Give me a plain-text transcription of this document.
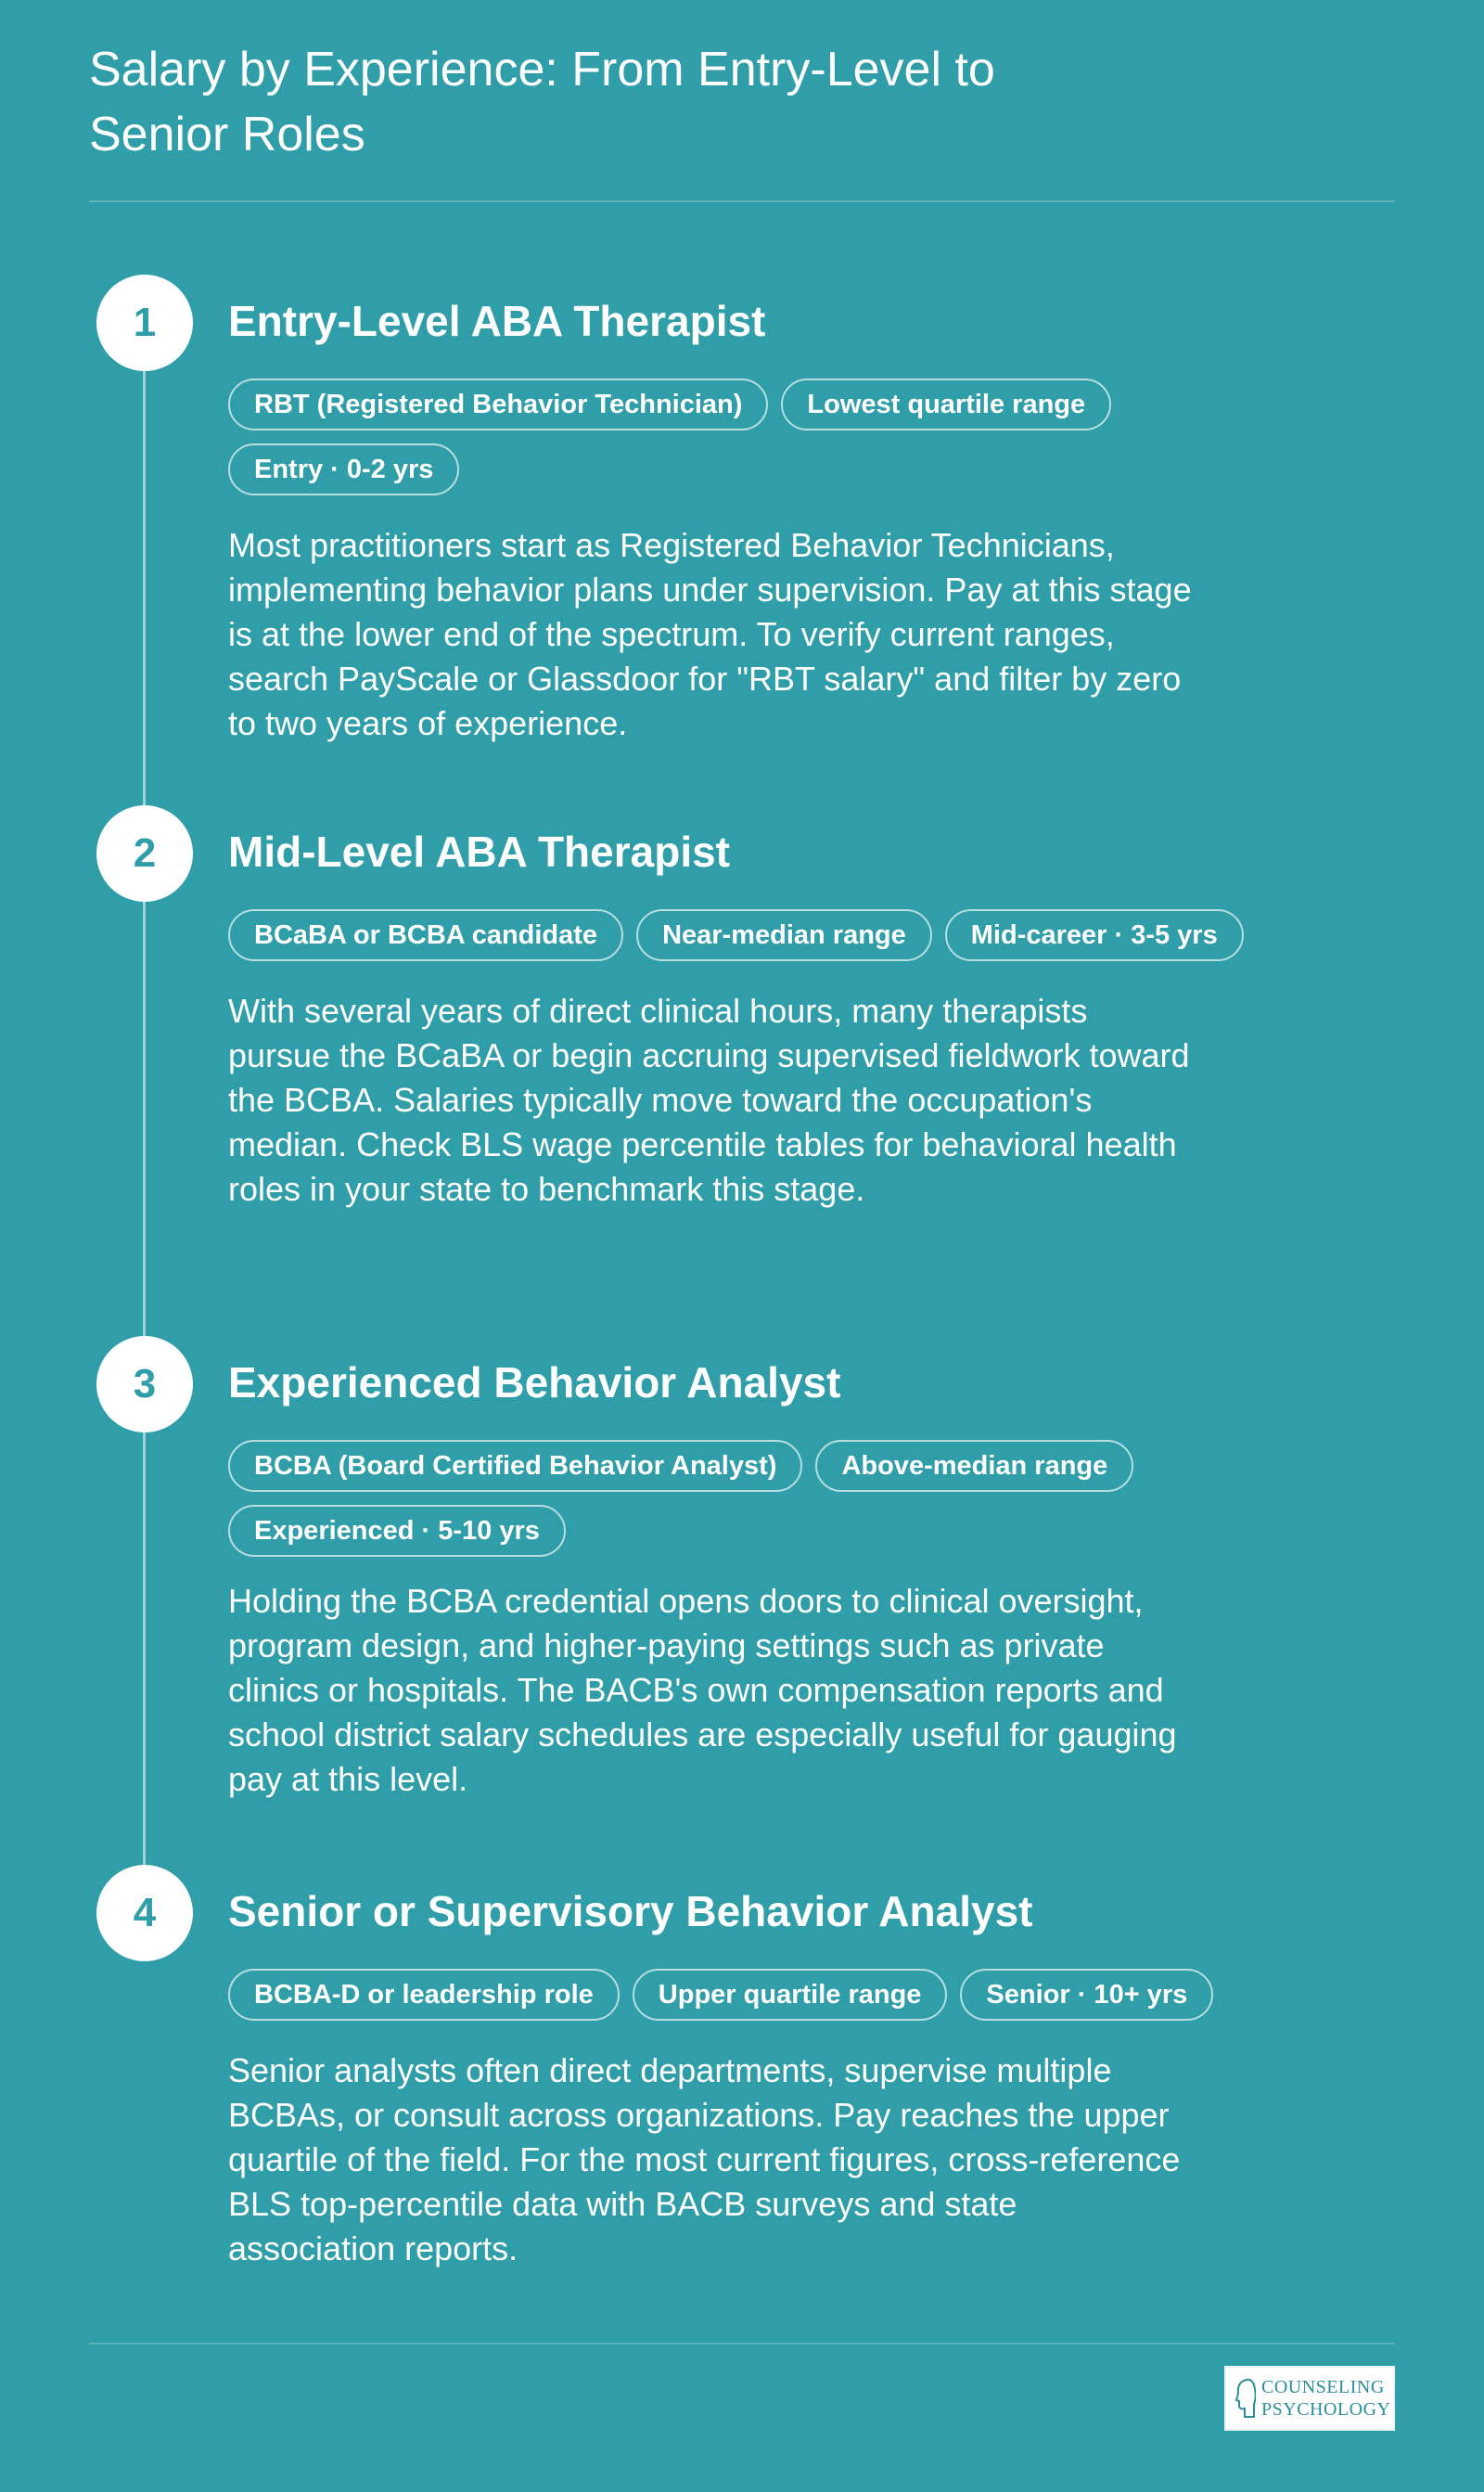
Salary by Experience: From Entry-Level to Senior Roles
1	Entry-Level ABA Therapist
RBT (Registered Behavior Technician)	Lowest quartile range
Entry · 0-2 yrs

Most practitioners start as Registered Behavior Technicians, implementing behavior plans under supervision. Pay at this stage is at the lower end of the spectrum. To verify current ranges, search PayScale or Glassdoor for "RBT salary" and filter by zero to two years of experience.

2	Mid-Level ABA Therapist
BCaBA or BCBA candidate	Near-median range	Mid-career · 3-5 yrs

With several years of direct clinical hours, many therapists pursue the BCaBA or begin accruing supervised fieldwork toward the BCBA. Salaries typically move toward the occupation's median. Check BLS wage percentile tables for behavioral health roles in your state to benchmark this stage.

3	Experienced Behavior Analyst
BCBA (Board Certified Behavior Analyst)	Above-median range
Experienced · 5-10 yrs

Holding the BCBA credential opens doors to clinical oversight, program design, and higher-paying settings such as private clinics or hospitals. The BACB's own compensation reports and school district salary schedules are especially useful for gauging pay at this level.

4	Senior or Supervisory Behavior Analyst
BCBA-D or leadership role	Upper quartile range	Senior · 10+ yrs

Senior analysts often direct departments, supervise multiple BCBAs, or consult across organizations. Pay reaches the upper quartile of the field. For the most current figures, cross-reference BLS top-percentile data with BACB surveys and state association reports.

COUNSELING
PSYCHOLOGY
